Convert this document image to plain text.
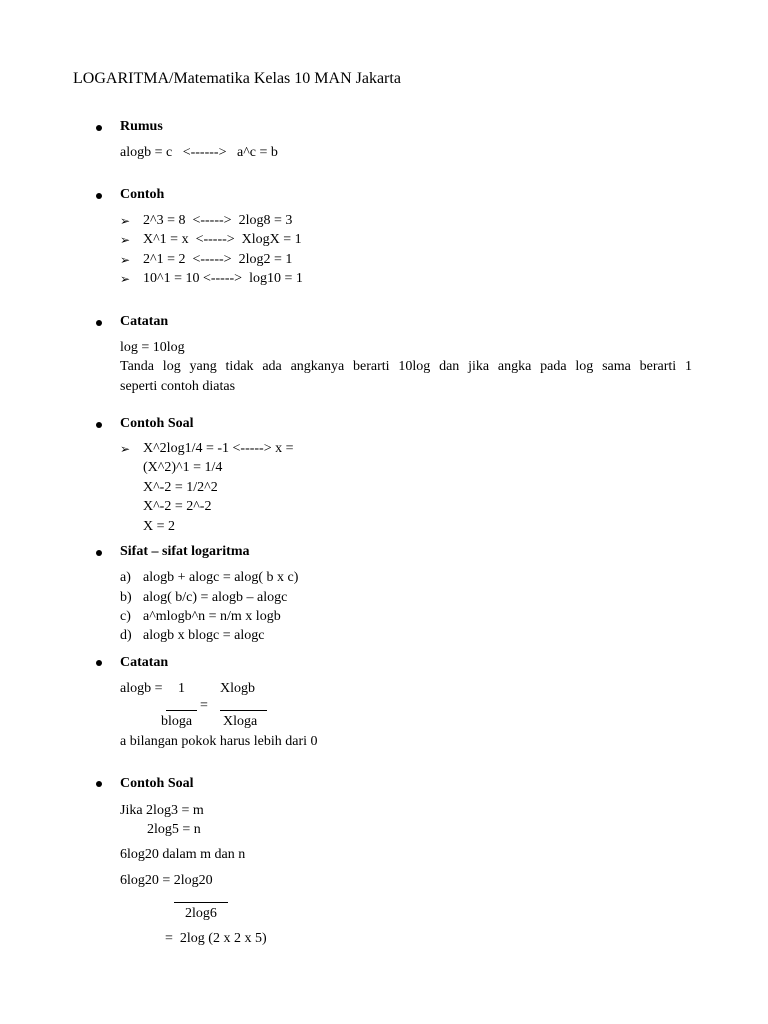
LOGARITMA/Matematika Kelas 10 MAN Jakarta
Rumus
alogb = c   <------>   a^c = b
Contoh
➢ 2^3 = 8  <----->  2log8 = 3
➢ X^1 = x  <----->  XlogX = 1
➢ 2^1 = 2  <----->  2log2 = 1
➢ 10^1 = 10 <----->  log10 = 1
Catatan
log = 10log
Tanda log yang tidak ada angkanya berarti 10log dan jika angka pada log sama berarti 1
seperti contoh diatas
Contoh Soal
➢ X^2log1/4 = -1 <-----> x =
(X^2)^1 = 1/4
X^-2 = 1/2^2
X^-2 = 2^-2
X = 2
Sifat – sifat logaritma
a) alogb + alogc = alog( b x c)
b) alog( b/c) = alogb – alogc
c) a^mlogb^n = n/m x logb
d) alogb x blogc = alogc
Catatan
alogb = 1	Xlogb
=
bloga Xloga
a bilangan pokok harus lebih dari 0
Contoh Soal
Jika 2log3 = m
2log5 = n
6log20 dalam m dan n
6log20 = 2log20
2log6
=  2log (2 x 2 x 5)
